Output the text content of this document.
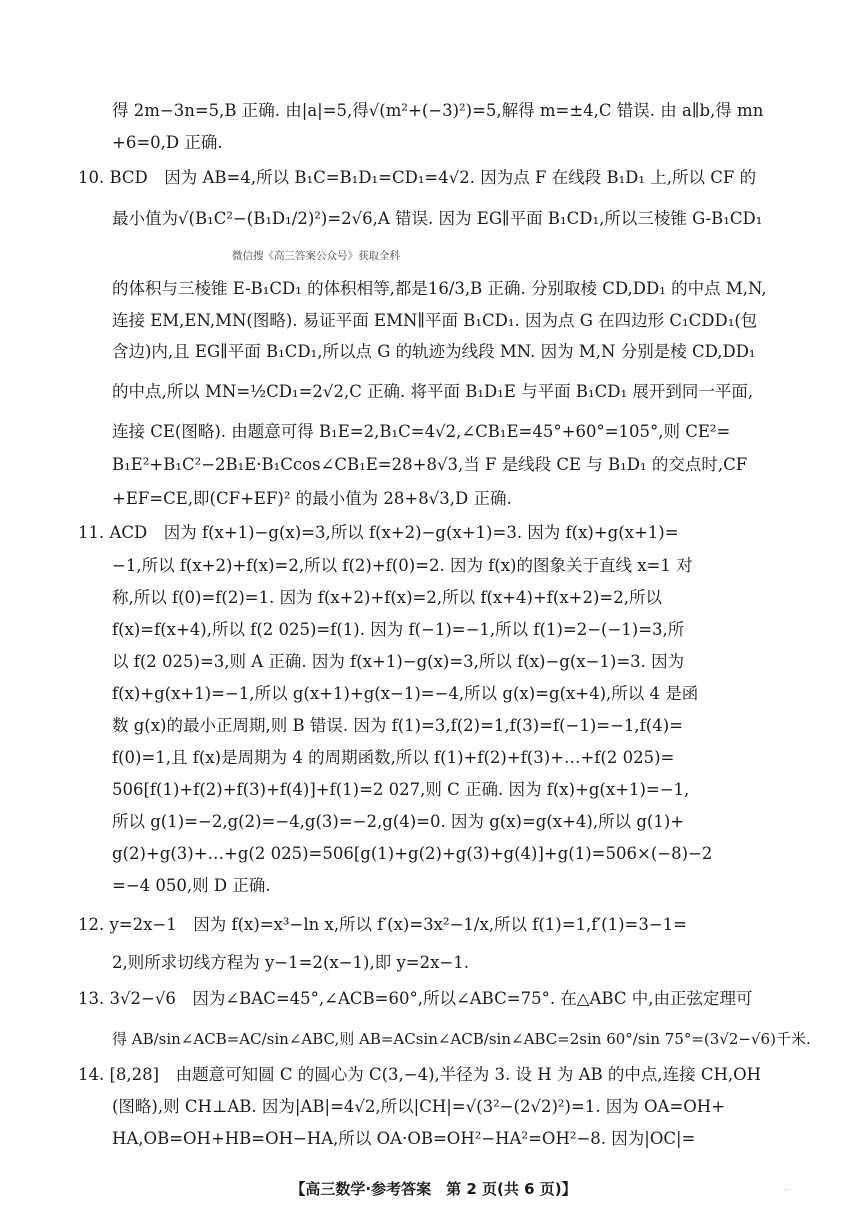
得 2m−3n=5,B 正确. 由|a|=5,得√(m²+(−3)²)=5,解得 m=±4,C 错误. 由 a∥b,得 mn
+6=0,D 正确.
10. BCD　因为 AB=4,所以 B₁C=B₁D₁=CD₁=4√2. 因为点 F 在线段 B₁D₁ 上,所以 CF 的
最小值为√(B₁C²−(B₁D₁/2)²)=2√6,A 错误. 因为 EG∥平面 B₁CD₁,所以三棱锥 G-B₁CD₁
微信搜《高三答案公众号》获取全科
的体积与三棱锥 E-B₁CD₁ 的体积相等,都是16/3,B 正确. 分别取棱 CD,DD₁ 的中点 M,N,
连接 EM,EN,MN(图略). 易证平面 EMN∥平面 B₁CD₁. 因为点 G 在四边形 C₁CDD₁(包
含边)内,且 EG∥平面 B₁CD₁,所以点 G 的轨迹为线段 MN. 因为 M,N 分别是棱 CD,DD₁
的中点,所以 MN=½CD₁=2√2,C 正确. 将平面 B₁D₁E 与平面 B₁CD₁ 展开到同一平面,
连接 CE(图略). 由题意可得 B₁E=2,B₁C=4√2,∠CB₁E=45°+60°=105°,则 CE²=
B₁E²+B₁C²−2B₁E·B₁Ccos∠CB₁E=28+8√3,当 F 是线段 CE 与 B₁D₁ 的交点时,CF
+EF=CE,即(CF+EF)² 的最小值为 28+8√3,D 正确.
11. ACD　因为 f(x+1)−g(x)=3,所以 f(x+2)−g(x+1)=3. 因为 f(x)+g(x+1)=
−1,所以 f(x+2)+f(x)=2,所以 f(2)+f(0)=2. 因为 f(x)的图象关于直线 x=1 对
称,所以 f(0)=f(2)=1. 因为 f(x+2)+f(x)=2,所以 f(x+4)+f(x+2)=2,所以
f(x)=f(x+4),所以 f(2 025)=f(1). 因为 f(−1)=−1,所以 f(1)=2−(−1)=3,所
以 f(2 025)=3,则 A 正确. 因为 f(x+1)−g(x)=3,所以 f(x)−g(x−1)=3. 因为
f(x)+g(x+1)=−1,所以 g(x+1)+g(x−1)=−4,所以 g(x)=g(x+4),所以 4 是函
数 g(x)的最小正周期,则 B 错误. 因为 f(1)=3,f(2)=1,f(3)=f(−1)=−1,f(4)=
f(0)=1,且 f(x)是周期为 4 的周期函数,所以 f(1)+f(2)+f(3)+…+f(2 025)=
506[f(1)+f(2)+f(3)+f(4)]+f(1)=2 027,则 C 正确. 因为 f(x)+g(x+1)=−1,
所以 g(1)=−2,g(2)=−4,g(3)=−2,g(4)=0. 因为 g(x)=g(x+4),所以 g(1)+
g(2)+g(3)+…+g(2 025)=506[g(1)+g(2)+g(3)+g(4)]+g(1)=506×(−8)−2
=−4 050,则 D 正确.
12. y=2x−1　因为 f(x)=x³−ln x,所以 f′(x)=3x²−1/x,所以 f(1)=1,f′(1)=3−1=
2,则所求切线方程为 y−1=2(x−1),即 y=2x−1.
13. 3√2−√6　因为∠BAC=45°,∠ACB=60°,所以∠ABC=75°. 在△ABC 中,由正弦定理可
得 AB/sin∠ACB=AC/sin∠ABC,则 AB=ACsin∠ACB/sin∠ABC=2sin 60°/sin 75°=(3√2−√6)千米.
14. [8,28]　由题意可知圆 C 的圆心为 C(3,−4),半径为 3. 设 H 为 AB 的中点,连接 CH,OH
(图略),则 CH⊥AB. 因为|AB|=4√2,所以|CH|=√(3²−(2√2)²)=1. 因为 OA=OH+
HA,OB=OH+HB=OH−HA,所以 OA·OB=OH²−HA²=OH²−8. 因为|OC|=
【高三数学·参考答案　第 2 页(共 6 页)】	··
